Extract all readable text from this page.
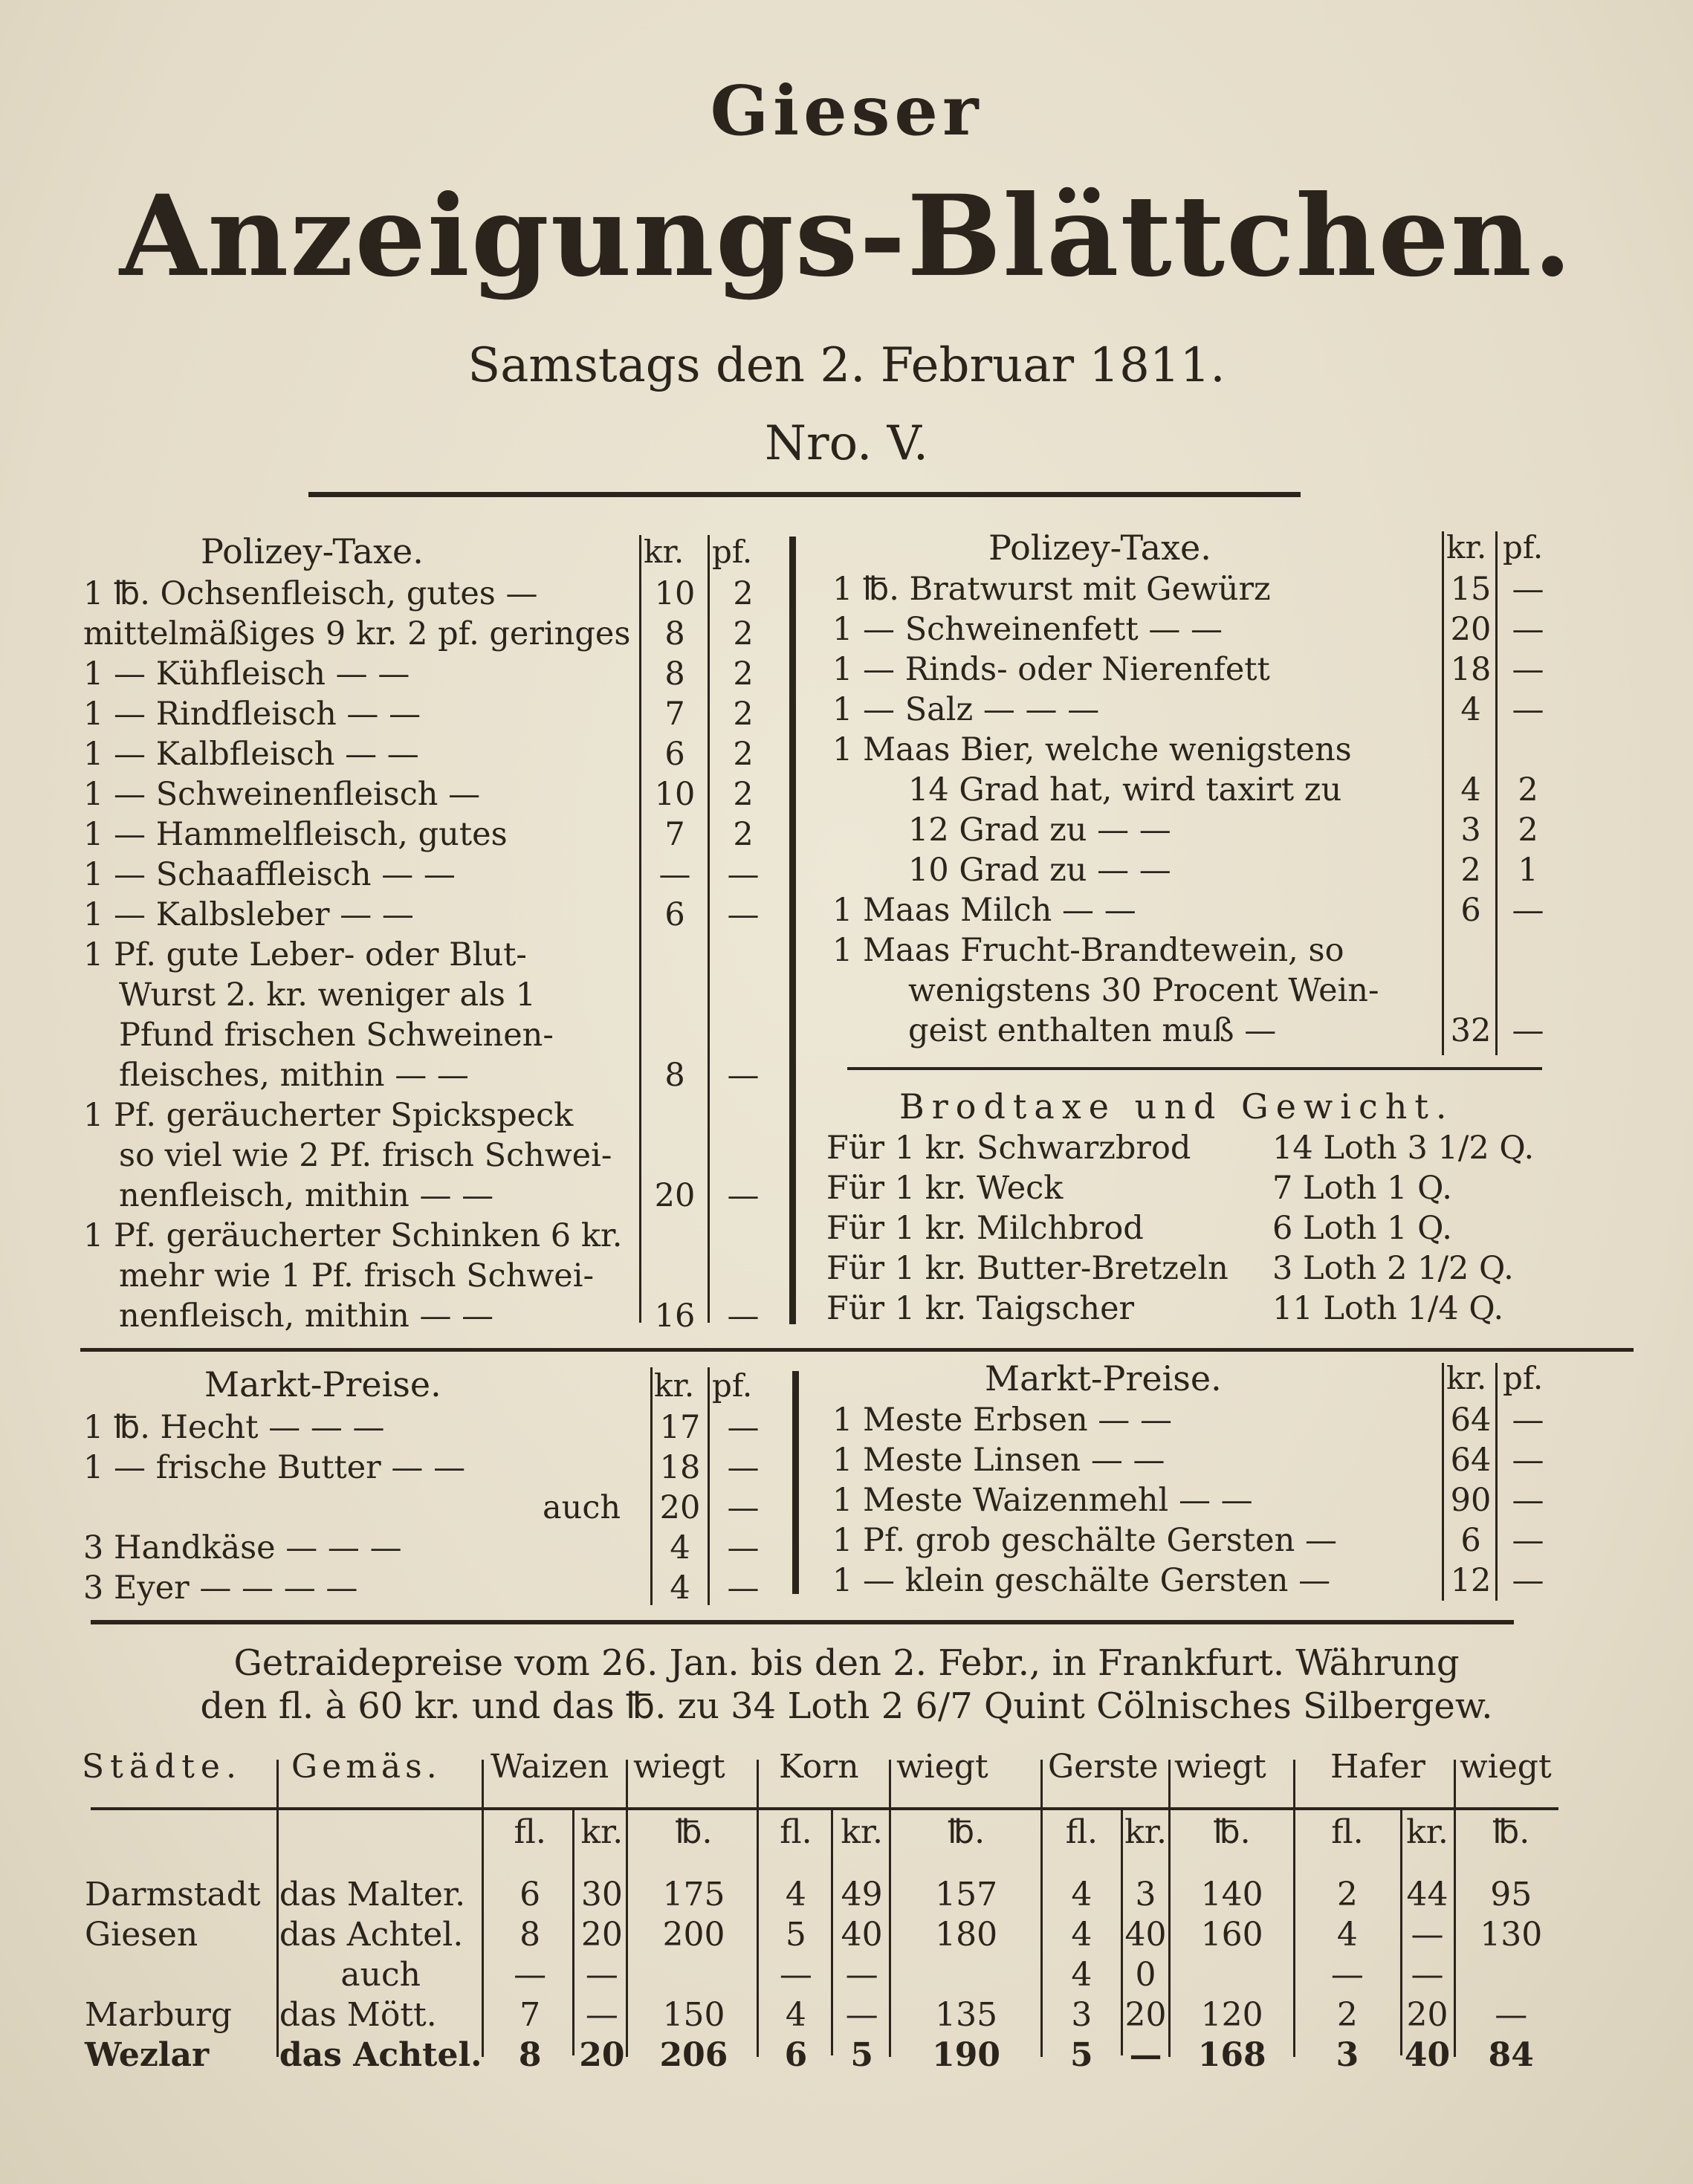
Gieser
Anzeigungs-Blättchen.
Samstags den 2. Februar 1811.
Nro. V.
Polizey-Taxe.	kr. pf.	Polizey-Taxe.	kr. pf.
1 ℔. Ochsenfleisch, gutes —	10	2
mittelmäßiges 9 kr. 2 pf. geringes	8	2
1 — Kühfleisch — —	8	2
1 — Rindfleisch — —	7	2
1 — Kalbfleisch — —	6	2
1 — Schweinenfleisch —	10	2
1 — Hammelfleisch, gutes	7	2
1 — Schaaffleisch — —	—	—
1 — Kalbsleber — —	6	—
1 Pf. gute Leber- oder Blut-
Wurst 2. kr. weniger als 1
Pfund frischen Schweinen-
fleisches, mithin — —	8	—
1 Pf. geräucherter Spickspeck
so viel wie 2 Pf. frisch Schwei-
nenfleisch, mithin — —	20	—
1 Pf. geräucherter Schinken 6 kr.
mehr wie 1 Pf. frisch Schwei-
nenfleisch, mithin — —	16	—
1 ℔. Bratwurst mit Gewürz	15 —
1 — Schweinenfett — —	20 —
1 — Rinds- oder Nierenfett	18 —
1 — Salz — — —	4 —
1 Maas Bier, welche wenigstens
14 Grad hat, wird taxirt zu	4	2
12 Grad zu — —	3	2
10 Grad zu — —	2	1
1 Maas Milch — —	6 —
1 Maas Frucht-Brandtewein, so
wenigstens 30 Procent Wein-
geist enthalten muß —	32 —
Brodtaxe und Gewicht.
Für 1 kr. Schwarzbrod	14 Loth 3 1/2 Q.
Für 1 kr. Weck	7 Loth 1 Q.
Für 1 kr. Milchbrod	6 Loth 1 Q.
Für 1 kr. Butter-Bretzeln 3 Loth 2 1/2 Q.
Für 1 kr. Taigscher	11 Loth 1/4 Q.
Markt-Preise.	kr. pf.	Markt-Preise.	kr. pf.
1 ℔. Hecht — — —	17 —
1 — frische Butter — —	18 —
auch 20 —
3 Handkäse — — —	4	—
3 Eyer — — — —	4	—
1 Meste Erbsen — —	64 —
1 Meste Linsen — —	64 —
1 Meste Waizenmehl — —	90 —
1 Pf. grob geschälte Gersten —	6 —
1 — klein geschälte Gersten —	12 —
Getraidepreise vom 26. Jan. bis den 2. Febr., in Frankfurt. Währung
den fl. à 60 kr. und das ℔. zu 34 Loth 2 6/7 Quint Cölnisches Silbergew.
Städte. Gemäs. Waizen wiegt Korn wiegt Gerste wiegt Hafer wiegt
		fl.	kr.	℔.	fl.	kr.	℔.	fl.	kr.	℔.	fl.	kr.	℔.

Darmstadt	das Malter.	6	30	175	4	49	157	4	3	140	2	44	95
Giesen	das Achtel.	8	20	200	5	40	180	4	40	160	4	—	130
	auch	—	—		—	—		4	0		—	—	
Marburg	das Mött.	7	—	150	4	—	135	3	20	120	2	20	—
Wezlar	das Achtel.	8	20	206	6	5	190	5	—	168	3	40	84
